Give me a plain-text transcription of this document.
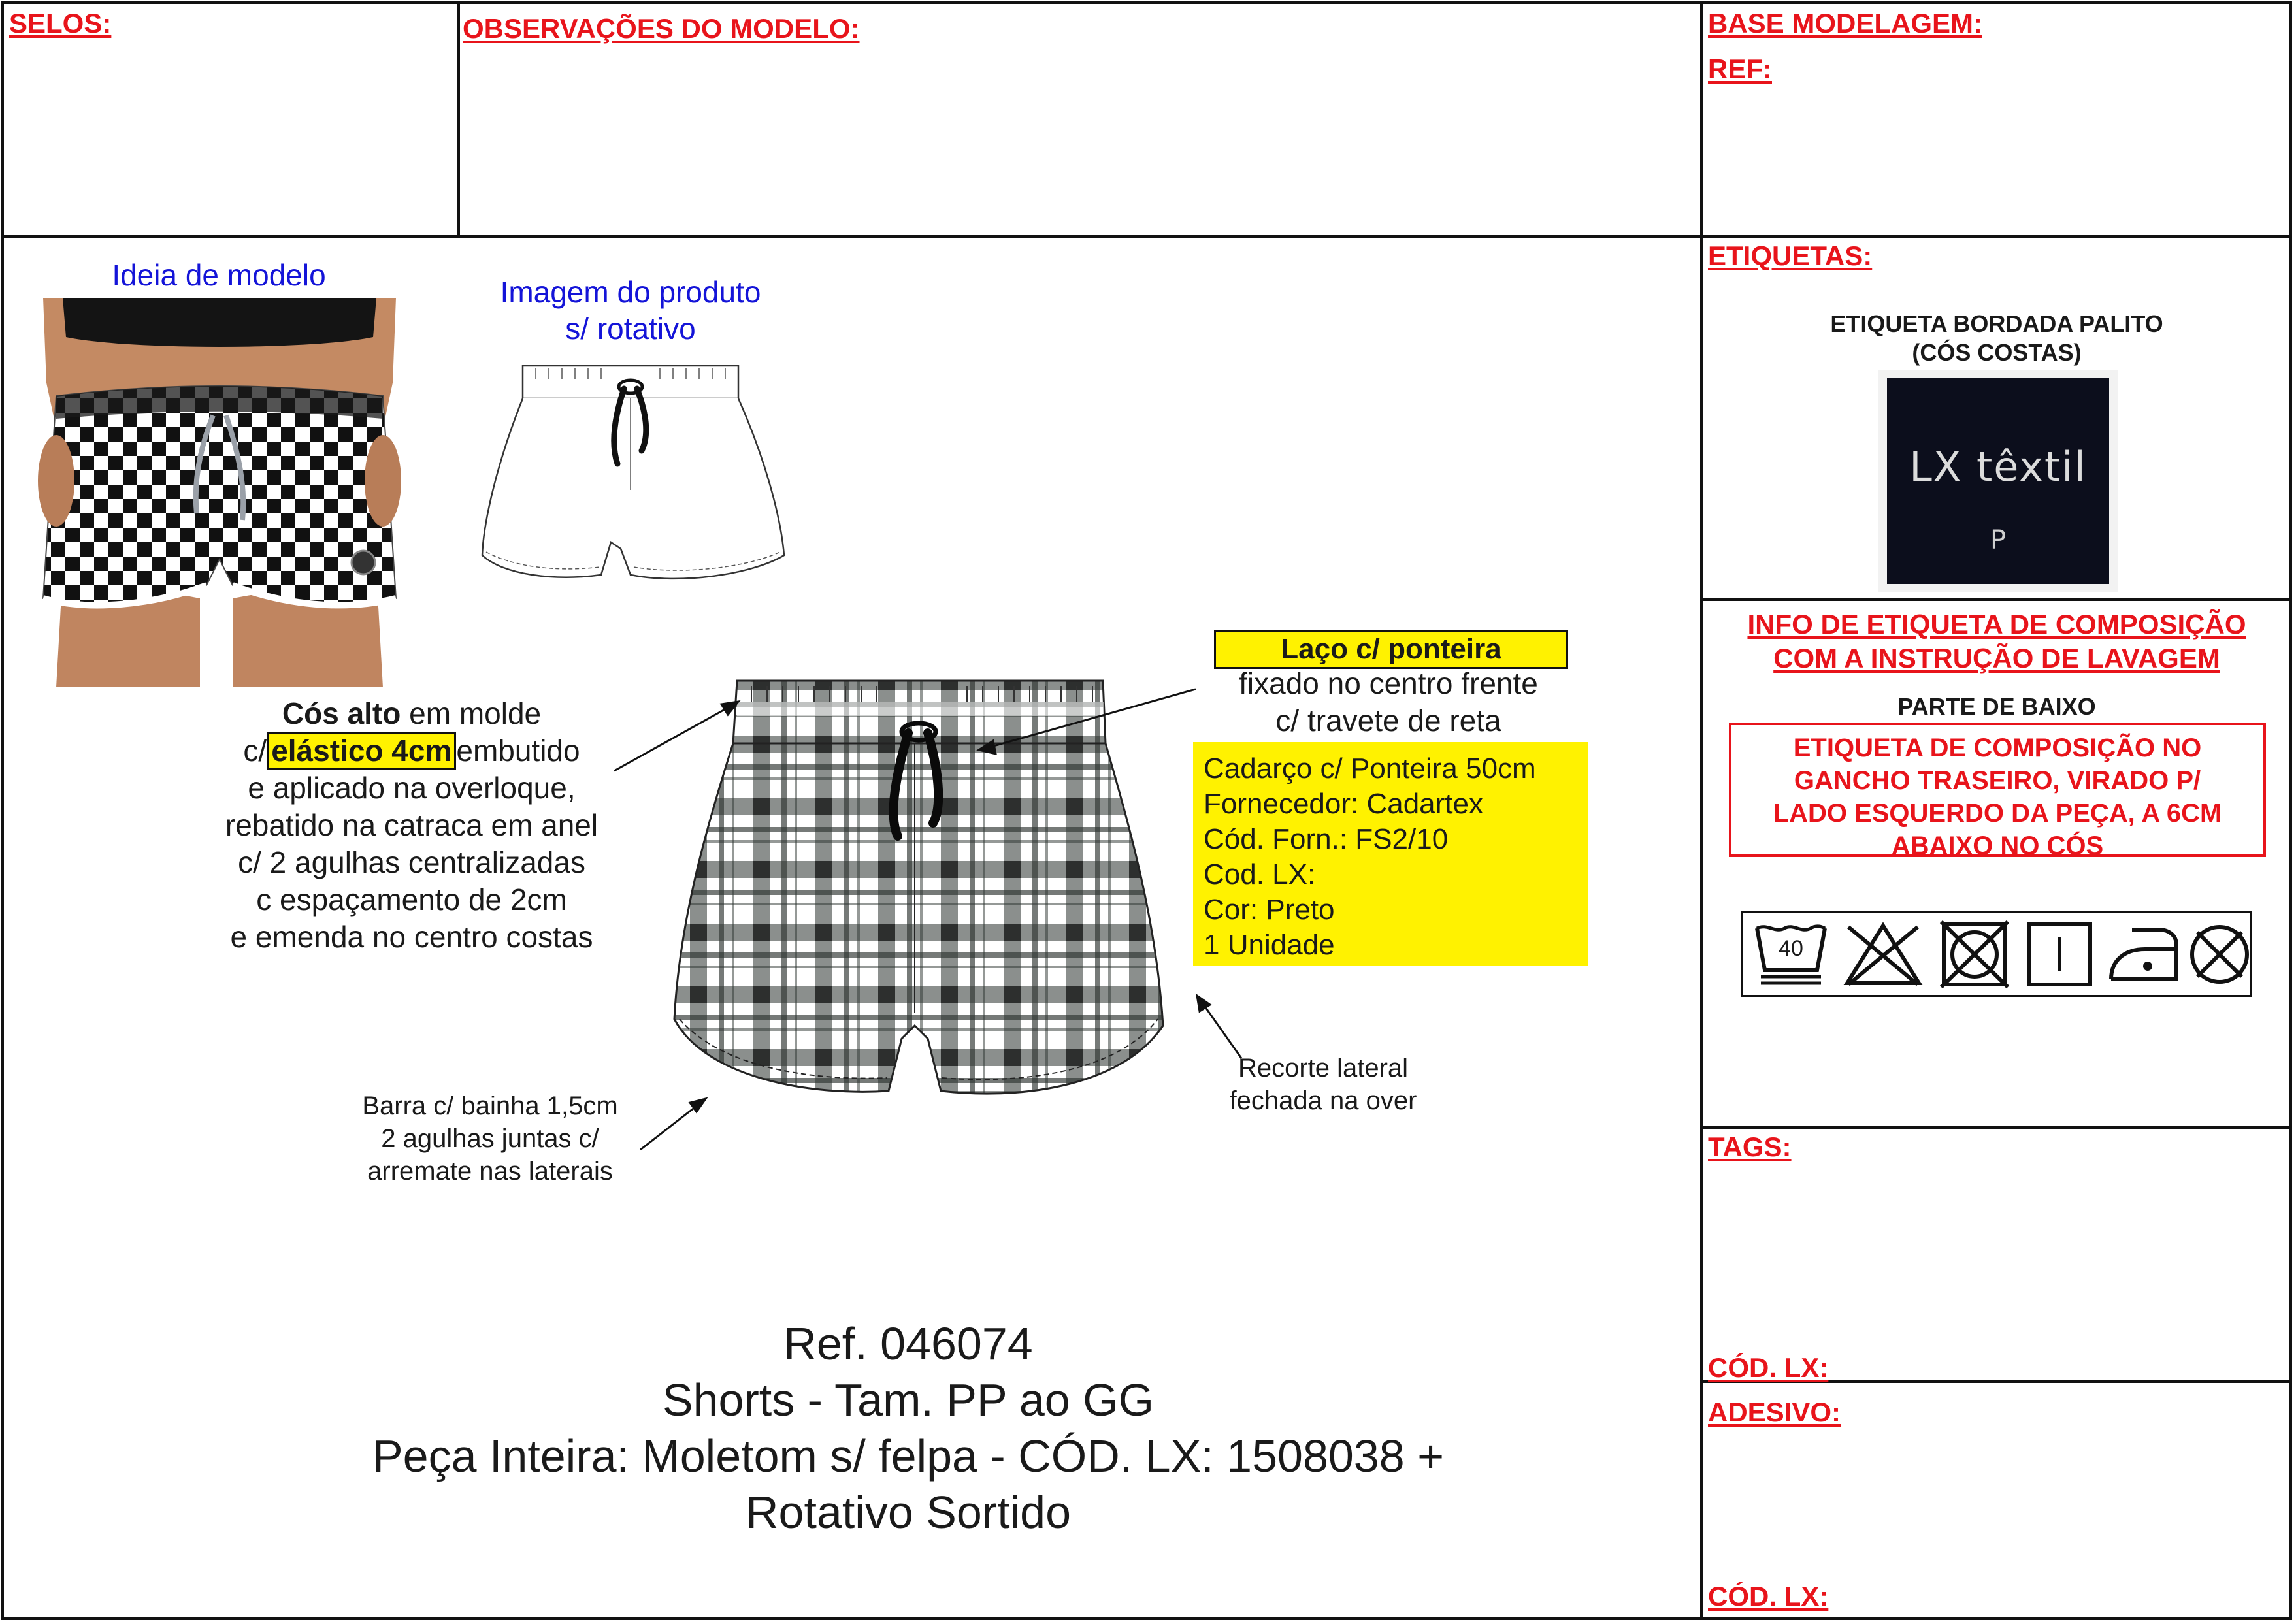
SELOS:	OBSERVAÇÕES DO MODELO:	BASE MODELAGEM:
REF:
Ideia de modelo	Imagem do produto
s/ rotativo
Cós alto em molde
c/ elástico 4cm embutido
e aplicado na overloque,
rebatido na catraca em anel
c/ 2 agulhas centralizadas
c espaçamento de 2cm
e emenda no centro costas
Laço c/ ponteira
fixado no centro frente
c/ travete de reta
Cadarço c/ Ponteira 50cm
Fornecedor: Cadartex
Cód. Forn.: FS2/10
Cod. LX:
Cor: Preto
1 Unidade
Recorte lateral
fechada na over
Barra c/ bainha 1,5cm
2 agulhas juntas c/
arremate nas laterais
Ref. 046074
Shorts - Tam. PP ao GG
Peça Inteira: Moletom s/ felpa - CÓD. LX: 1508038 +
Rotativo Sortido
ETIQUETAS:
ETIQUETA BORDADA PALITO
(CÓS COSTAS)
LX têxtil
P
INFO DE ETIQUETA DE COMPOSIÇÃO
COM A INSTRUÇÃO DE LAVAGEM
PARTE DE BAIXO
ETIQUETA DE COMPOSIÇÃO NO
GANCHO TRASEIRO, VIRADO P/
LADO ESQUERDO DA PEÇA, A 6CM
ABAIXO NO CÓS
40
TAGS:
CÓD. LX:
ADESIVO:
CÓD. LX:
